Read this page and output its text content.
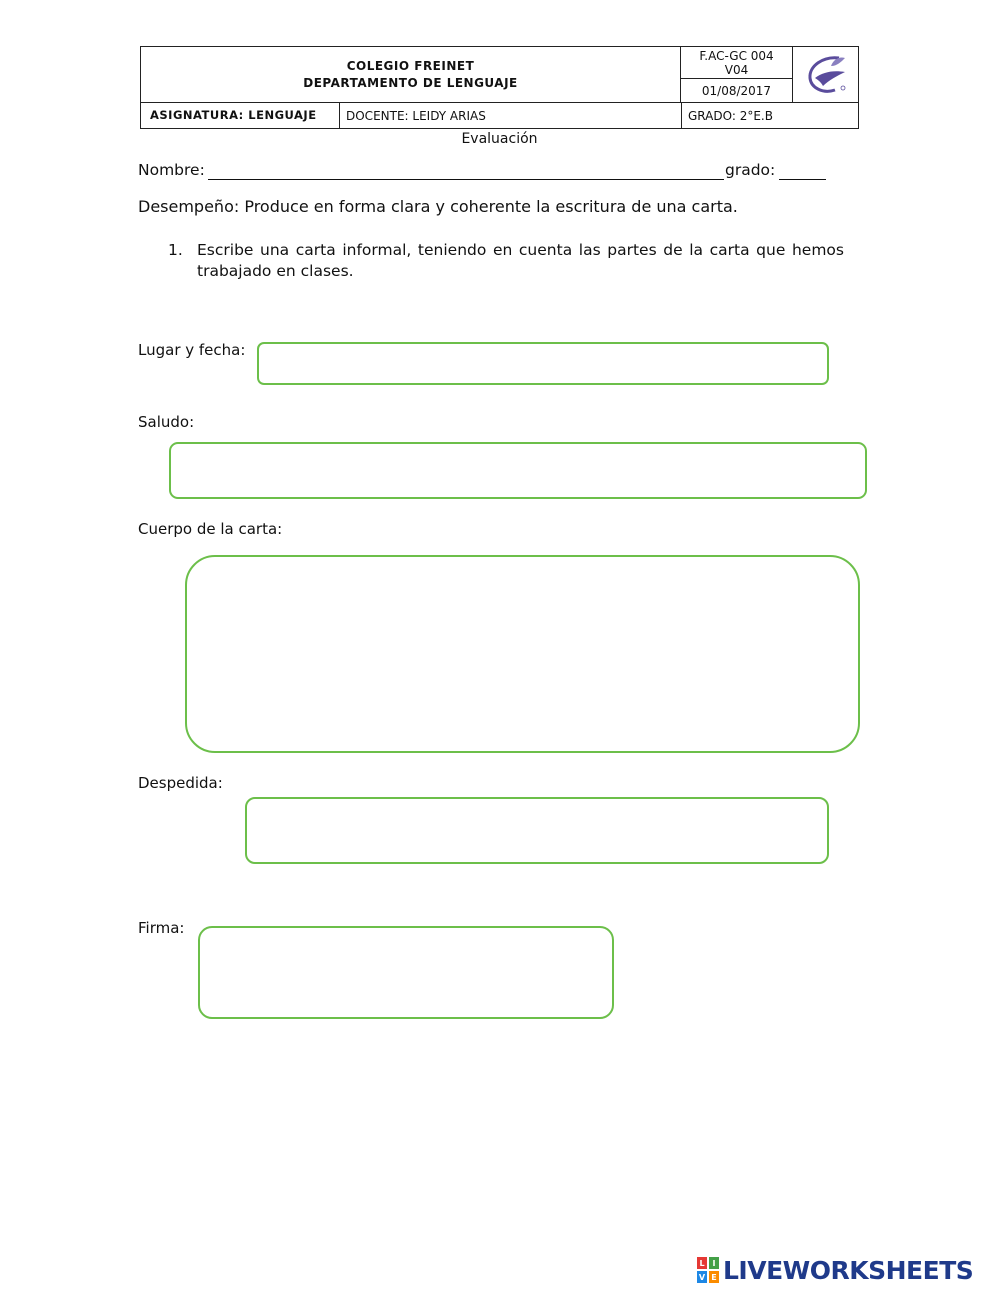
COLEGIO FREINET
DEPARTAMENTO DE LENGUAJE
F.AC-GC 004
V04
01/08/2017
ASIGNATURA: LENGUAJE DOCENTE: LEIDY ARIAS	GRADO: 2°E.B
Evaluación
Nombre:	grado:
Desempeño: Produce en forma clara y coherente la escritura de una carta.
1. Escribe una carta informal, teniendo en cuenta las partes de la carta que hemos
trabajado en clases.
Lugar y fecha:
Saludo:
Cuerpo de la carta:
Despedida:
Firma:
L I
V E LIVEWORKSHEETS
